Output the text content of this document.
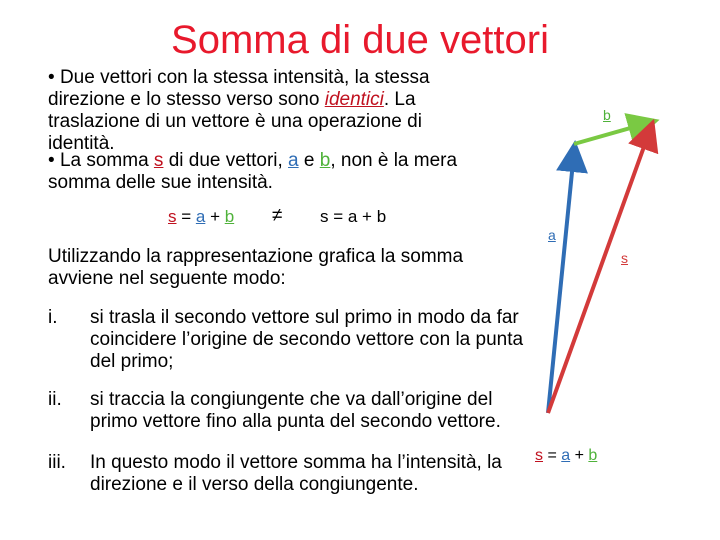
Somma di due vettori
• Due vettori con la stessa intensità, la stessa direzione e lo stesso verso sono identici. La traslazione di un vettore è una operazione di identità.
• La somma s di due vettori, a e b, non è la mera somma delle sue intensità.
s = a + b ≠ s = a + b
Utilizzando la rappresentazione grafica la somma avviene nel seguente modo:
i. si trasla il secondo vettore sul primo in modo da far coincidere l’origine de secondo vettore con la punta del primo;
ii. si traccia la congiungente che va dall’origine del primo vettore fino alla punta del secondo vettore.
iii. In questo modo il vettore somma ha l’intensità, la direzione e il verso della congiungente.
b
a
s
s = a + b
